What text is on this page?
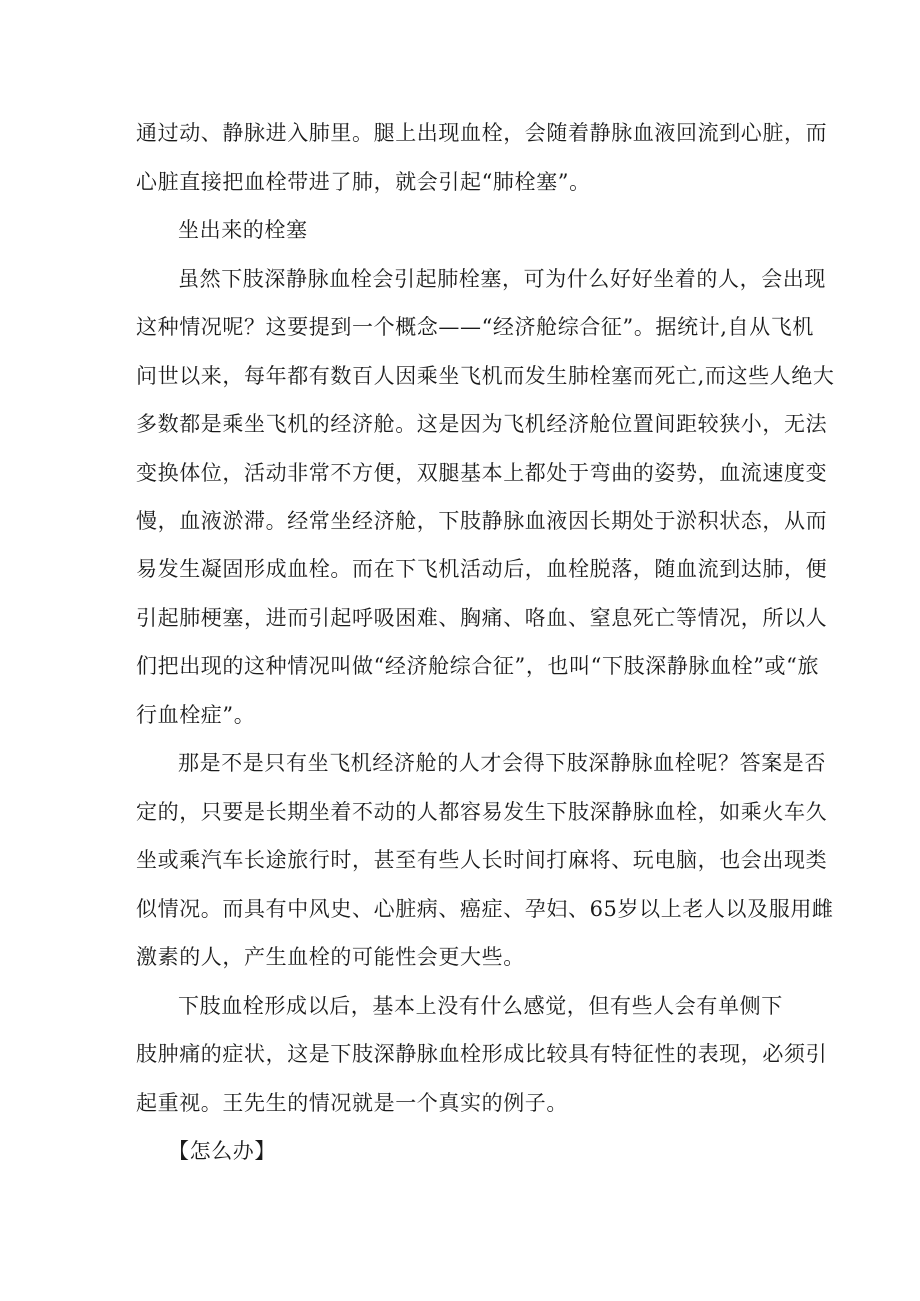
通过动、静脉进入肺里。腿上出现血栓，会随着静脉血液回流到心脏，而
心脏直接把血栓带进了肺，就会引起“肺栓塞”。
坐出来的栓塞
虽然下肢深静脉血栓会引起肺栓塞，可为什么好好坐着的人，会出现
这种情况呢？这要提到一个概念——“经济舱综合征”。据统计,自从飞机
问世以来，每年都有数百人因乘坐飞机而发生肺栓塞而死亡,而这些人绝大
多数都是乘坐飞机的经济舱。这是因为飞机经济舱位置间距较狭小，无法
变换体位，活动非常不方便，双腿基本上都处于弯曲的姿势，血流速度变
慢，血液淤滞。经常坐经济舱，下肢静脉血液因长期处于淤积状态，从而
易发生凝固形成血栓。而在下飞机活动后，血栓脱落，随血流到达肺，便
引起肺梗塞，进而引起呼吸困难、胸痛、咯血、窒息死亡等情况，所以人
们把出现的这种情况叫做“经济舱综合征”，也叫“下肢深静脉血栓”或“旅
行血栓症”。
那是不是只有坐飞机经济舱的人才会得下肢深静脉血栓呢？答案是否
定的，只要是长期坐着不动的人都容易发生下肢深静脉血栓，如乘火车久
坐或乘汽车长途旅行时，甚至有些人长时间打麻将、玩电脑，也会出现类
似情况。而具有中风史、心脏病、癌症、孕妇、65岁以上老人以及服用雌
激素的人，产生血栓的可能性会更大些。
下肢血栓形成以后，基本上没有什么感觉，但有些人会有单侧下
肢肿痛的症状，这是下肢深静脉血栓形成比较具有特征性的表现，必须引
起重视。王先生的情况就是一个真实的例子。
【怎么办】
